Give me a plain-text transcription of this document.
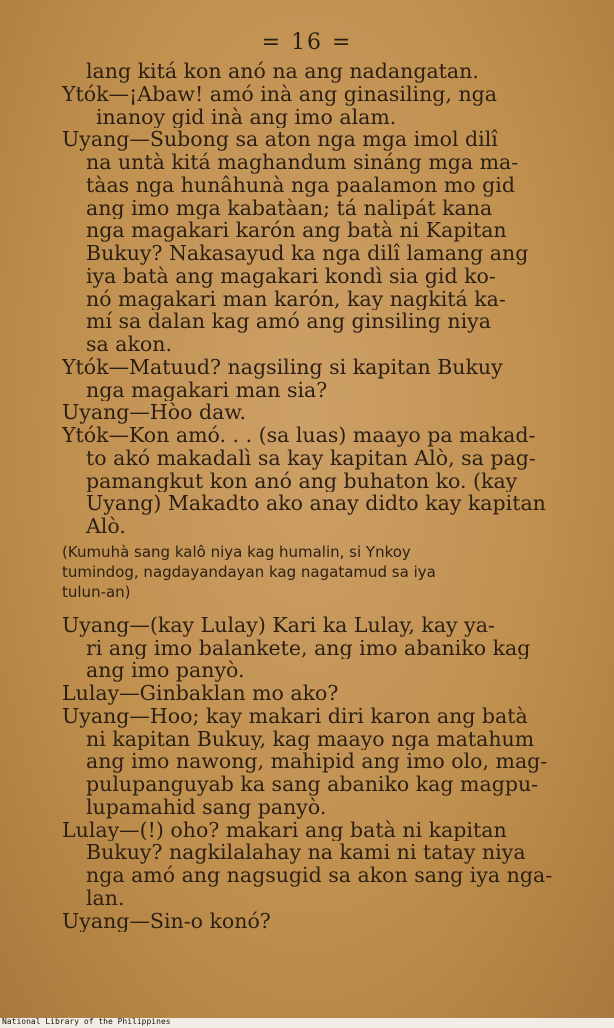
= 16 =
lang kitá kon anó na ang nadangatan.
Ytók—¡Abaw! amó inà ang ginasiling, nga
inanoy gid inà ang imo alam.
Uyang—Subong sa aton nga mga imol dilî
na untà kitá maghandum sináng mga ma-
tàas nga hunâhunà nga paalamon mo gid
ang imo mga kabatàan; tá nalipát kana
nga magakari karón ang batà ni Kapitan
Bukuy? Nakasayud ka nga dilî lamang ang
iya batà ang magakari kondì sia gid ko-
nó magakari man karón, kay nagkitá ka-
mí sa dalan kag amó ang ginsiling niya
sa akon.
Ytók—Matuud? nagsiling si kapitan Bukuy
nga magakari man sia?
Uyang—Hòo daw.
Ytók—Kon amó. . . (sa luas) maayo pa makad-
to akó makadalì sa kay kapitan Alò, sa pag-
pamangkut kon anó ang buhaton ko. (kay
Uyang) Makadto ako anay didto kay kapitan
Alò.
(Kumuhà sang kalô niya kag humalin, si Ynkoy
tumindog, nagdayandayan kag nagatamud sa iya
tulun-an)
Uyang—(kay Lulay) Kari ka Lulay, kay ya-
ri ang imo balankete, ang imo abaniko kag
ang imo panyò.
Lulay—Ginbaklan mo ako?
Uyang—Hoo; kay makari diri karon ang batà
ni kapitan Bukuy, kag maayo nga matahum
ang imo nawong, mahipid ang imo olo, mag-
pulupanguyab ka sang abaniko kag magpu-
lupamahid sang panyò.
Lulay—(!) oho? makari ang batà ni kapitan
Bukuy? nagkilalahay na kami ni tatay niya
nga amó ang nagsugid sa akon sang iya nga-
lan.
Uyang—Sin-o konó?
National Library of the Philippines
